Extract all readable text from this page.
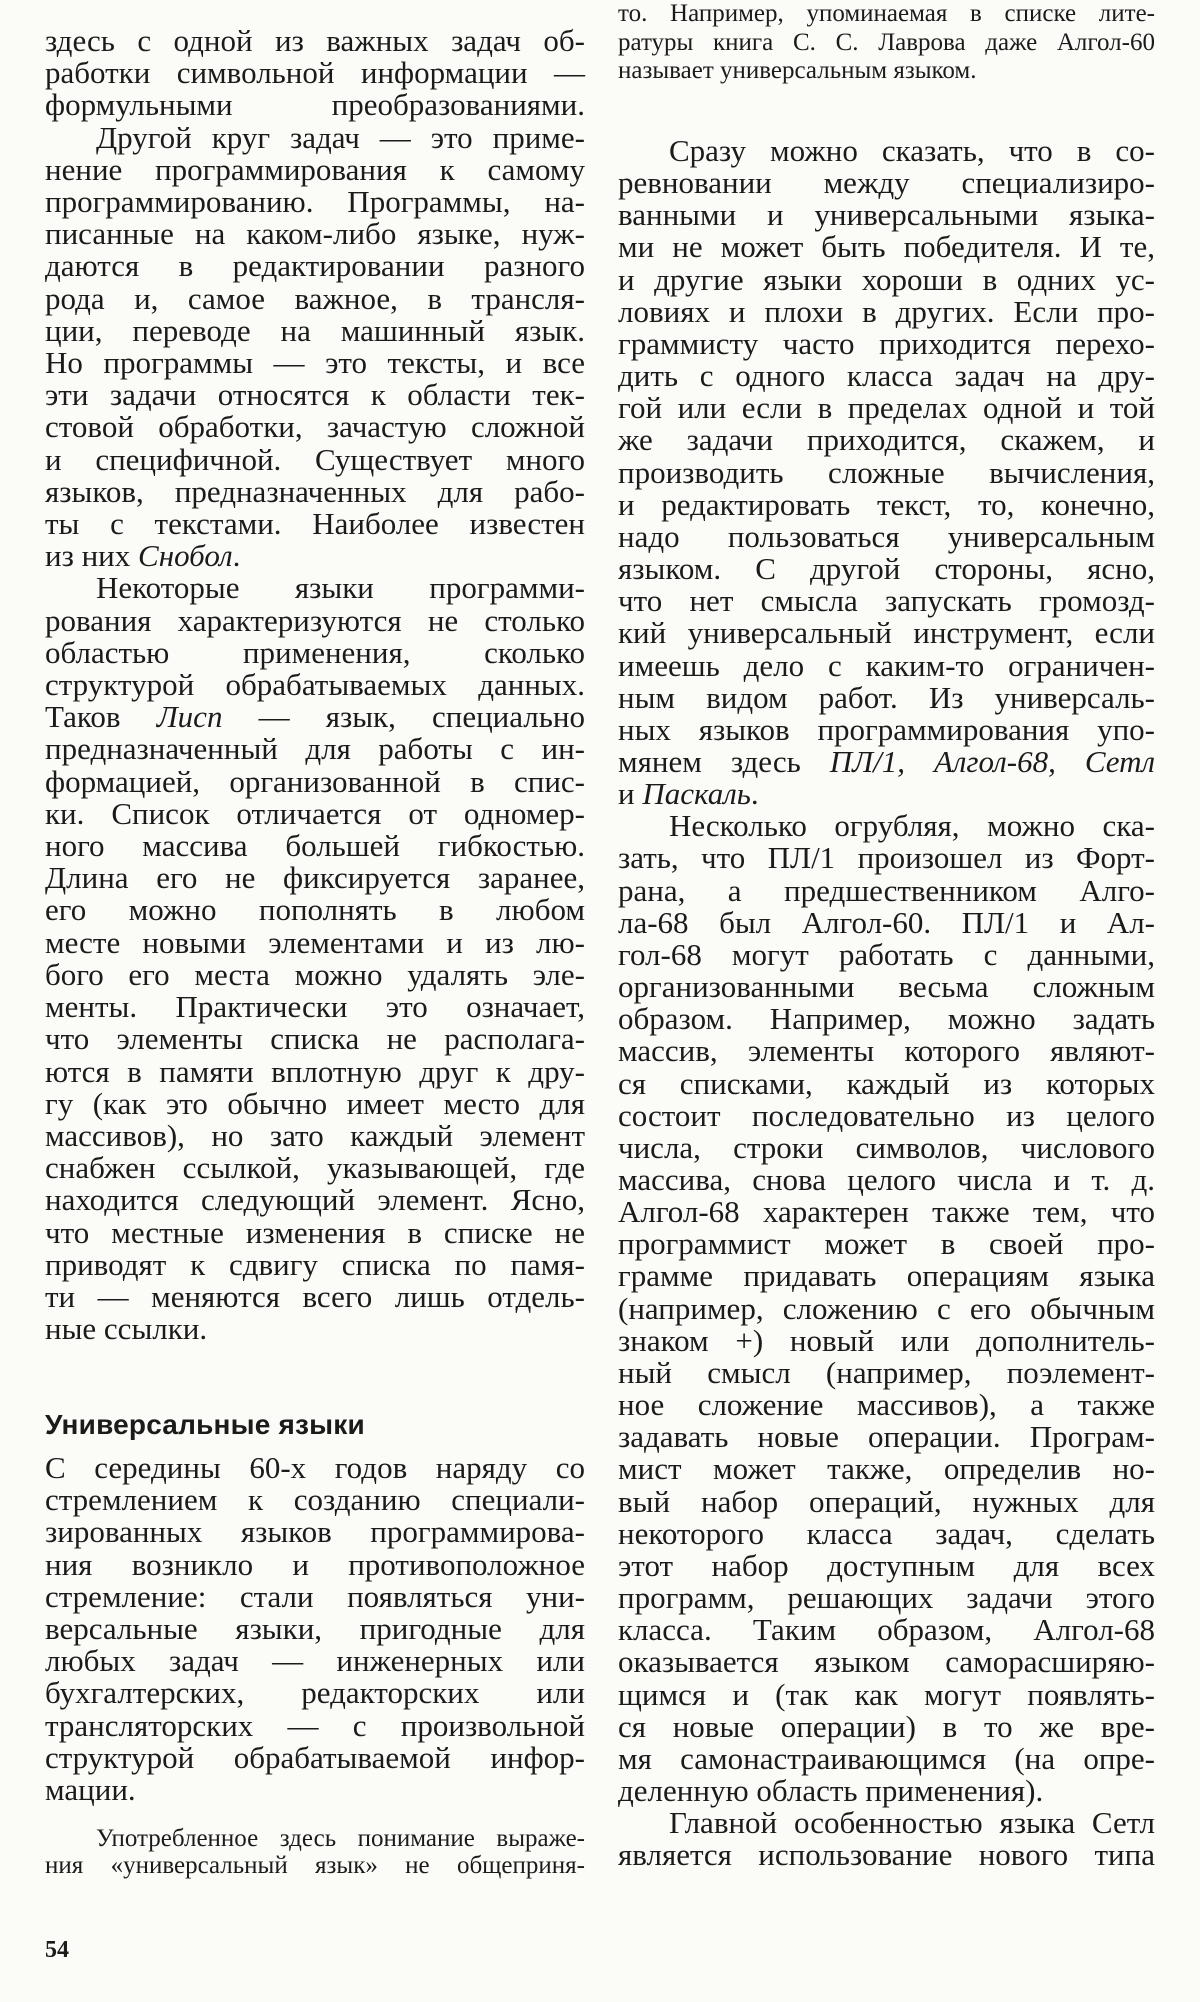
здесь с одной из важных задач об-
работки символьной информации —
формульными преобразованиями.
Другой круг задач — это приме-
нение программирования к самому
программированию. Программы, на-
писанные на каком-либо языке, нуж-
даются в редактировании разного
рода и, самое важное, в трансля-
ции, переводе на машинный язык.
Но программы — это тексты, и все
эти задачи относятся к области тек-
стовой обработки, зачастую сложной
и специфичной. Существует много
языков, предназначенных для рабо-
ты с текстами. Наиболее известен
из них Снобол.
Некоторые языки программи-
рования характеризуются не столько
областью применения, сколько
структурой обрабатываемых данных.
Таков Лисп — язык, специально
предназначенный для работы с ин-
формацией, организованной в спис-
ки. Список отличается от одномер-
ного массива большей гибкостью.
Длина его не фиксируется заранее,
его можно пополнять в любом
месте новыми элементами и из лю-
бого его места можно удалять эле-
менты. Практически это означает,
что элементы списка не располага-
ются в памяти вплотную друг к дру-
гу (как это обычно имеет место для
массивов), но зато каждый элемент
снабжен ссылкой, указывающей, где
находится следующий элемент. Ясно,
что местные изменения в списке не
приводят к сдвигу списка по памя-
ти — меняются всего лишь отдель-
ные ссылки.
Универсальные языки
С середины 60-х годов наряду со
стремлением к созданию специали-
зированных языков программирова-
ния возникло и противоположное
стремление: стали появляться уни-
версальные языки, пригодные для
любых задач — инженерных или
бухгалтерских, редакторских или
трансляторских — с произвольной
структурой обрабатываемой инфор-
мации.
Употребленное здесь понимание выраже-
ния «универсальный язык» не общеприня-
то. Например, упоминаемая в списке лите-
ратуры книга С. С. Лаврова даже Алгол-60
называет универсальным языком.
Сразу можно сказать, что в со-
ревновании между специализиро-
ванными и универсальными языка-
ми не может быть победителя. И те,
и другие языки хороши в одних ус-
ловиях и плохи в других. Если про-
граммисту часто приходится перехо-
дить с одного класса задач на дру-
гой или если в пределах одной и той
же задачи приходится, скажем, и
производить сложные вычисления,
и редактировать текст, то, конечно,
надо пользоваться универсальным
языком. С другой стороны, ясно,
что нет смысла запускать громозд-
кий универсальный инструмент, если
имеешь дело с каким-то ограничен-
ным видом работ. Из универсаль-
ных языков программирования упо-
мянем здесь ПЛ/1, Алгол-68, Сетл
и Паскаль.
Несколько огрубляя, можно ска-
зать, что ПЛ/1 произошел из Форт-
рана, а предшественником Алго-
ла-68 был Алгол-60. ПЛ/1 и Ал-
гол-68 могут работать с данными,
организованными весьма сложным
образом. Например, можно задать
массив, элементы которого являют-
ся списками, каждый из которых
состоит последовательно из целого
числа, строки символов, числового
массива, снова целого числа и т. д.
Алгол-68 характерен также тем, что
программист может в своей про-
грамме придавать операциям языка
(например, сложению с его обычным
знаком +) новый или дополнитель-
ный смысл (например, поэлемент-
ное сложение массивов), а также
задавать новые операции. Програм-
мист может также, определив но-
вый набор операций, нужных для
некоторого класса задач, сделать
этот набор доступным для всех
программ, решающих задачи этого
класса. Таким образом, Алгол-68
оказывается языком саморасширяю-
щимся и (так как могут появлять-
ся новые операции) в то же вре-
мя самонастраивающимся (на опре-
деленную область применения).
Главной особенностью языка Сетл
является использование нового типа
54
